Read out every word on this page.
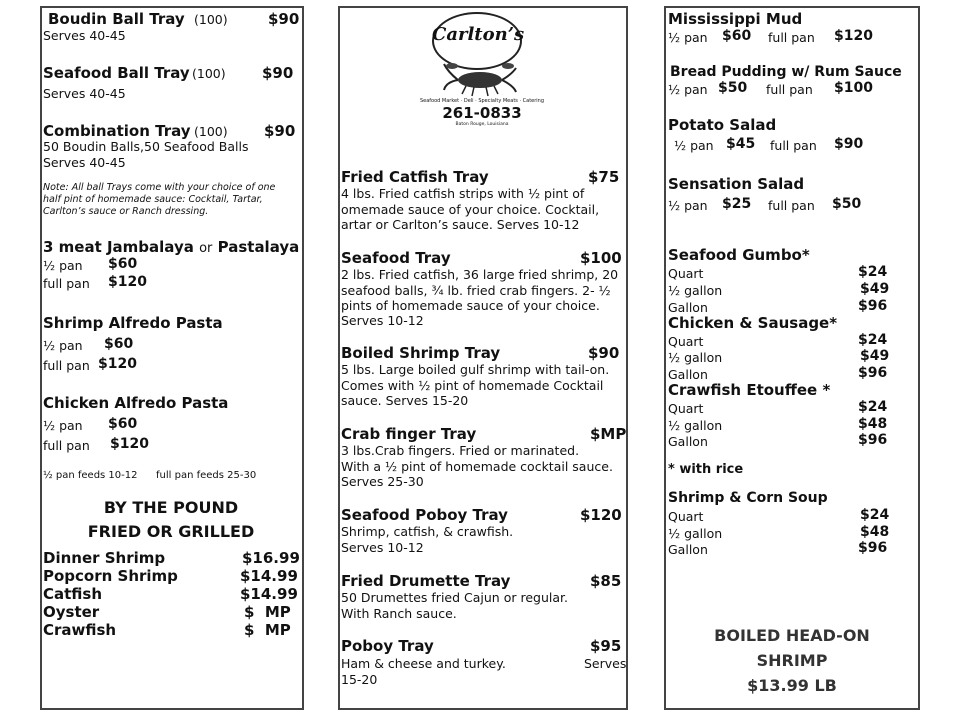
Boudin Ball Tray (100)	$90
Serves 40-45
Seafood Ball Tray (100) $90
Serves 40-45
Combination Tray (100) $90
50 Boudin Balls,50 Seafood Balls
Serves 40-45
Note: All ball Trays come with your choice of one
half pint of homemade sauce: Cocktail, Tartar,
Carlton’s sauce or Ranch dressing.
3 meat Jambalaya or Pastalaya
½ pan $60
full pan $120
Shrimp Alfredo Pasta
½ pan $60
full pan $120
Chicken Alfredo Pasta
½ pan $60
full pan $120
½ pan feeds 10-12 full pan feeds 25-30
BY THE POUND
FRIED OR GRILLED
Dinner Shrimp	$16.99
Popcorn Shrimp	$14.99
Catfish	$14.99
Oyster	$  MP
Crawfish	$  MP
Carlton’s
Seafood Market · Deli · Specialty Meats · Catering
261-0833
Baton Rouge, Louisiana
Fried Catfish Tray	$75
4 lbs. Fried catfish strips with ½ pint of
omemade sauce of your choice. Cocktail,
artar or Carlton’s sauce. Serves 10-12
Seafood Tray	$100
2 lbs. Fried catfish, 36 large fried shrimp, 20
seafood balls, ¾ lb. fried crab fingers. 2- ½
pints of homemade sauce of your choice.
Serves 10-12
Boiled Shrimp Tray	$90
5 lbs. Large boiled gulf shrimp with tail-on.
Comes with ½ pint of homemade Cocktail
sauce. Serves 15-20
Crab finger Tray	$MP
3 lbs.Crab fingers. Fried or marinated.
With a ½ pint of homemade cocktail sauce.
Serves 25-30
Seafood Poboy Tray	$120
Shrimp, catfish, & crawfish.
Serves 10-12
Fried Drumette Tray	$85
50 Drumettes fried Cajun or regular.
With Ranch sauce.
Poboy Tray	$95
Ham & cheese and turkey.	Serves
15-20
Mississippi Mud
½ pan $60 full pan $120
Bread Pudding w/ Rum Sauce
½ pan $50 full pan $100
Potato Salad
½ pan $45 full pan $90
Sensation Salad
½ pan $25 full pan $50
Seafood Gumbo*
Quart	$24
½ gallon	$49
Gallon	$96
Chicken & Sausage*
Quart	$24
½ gallon	$49
Gallon	$96
Crawfish Etouffee *
Quart	$24
½ gallon	$48
Gallon	$96
* with rice
Shrimp & Corn Soup
Quart	$24
½ gallon	$48
Gallon	$96
BOILED HEAD-ON
SHRIMP
$13.99 LB
